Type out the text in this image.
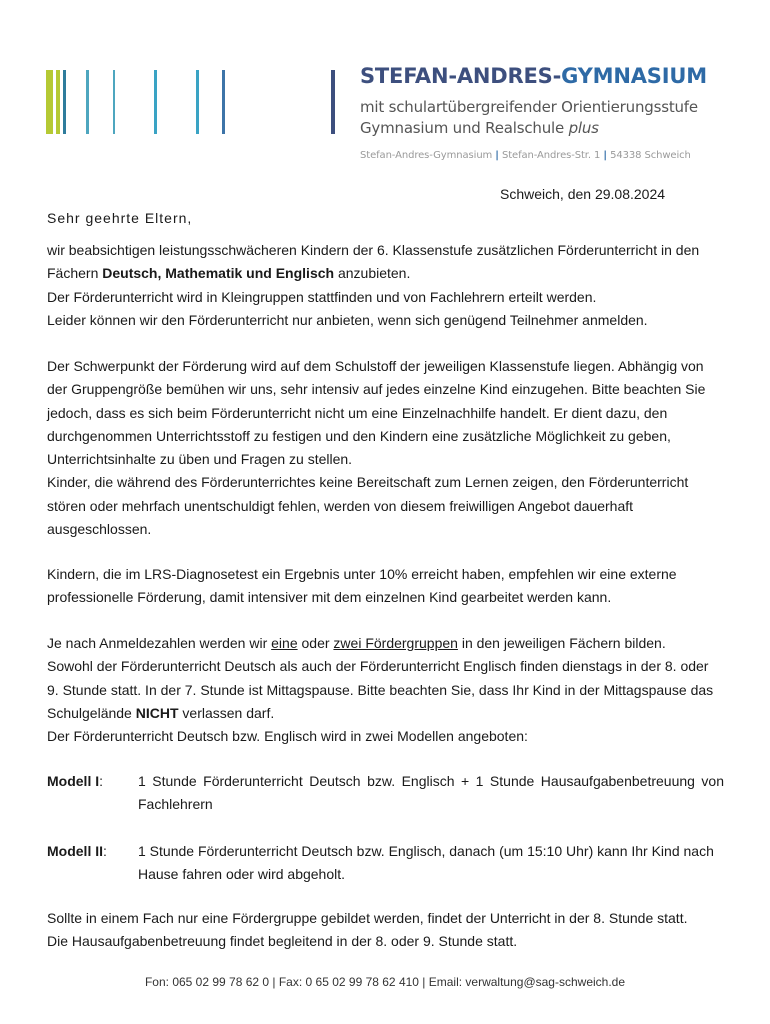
STEFAN-ANDRES-GYMNASIUM
mit schulartübergreifender Orientierungsstufe
Gymnasium und Realschule plus
Stefan-Andres-Gymnasium | Stefan-Andres-Str. 1 | 54338 Schweich
Schweich, den 29.08.2024
Sehr geehrte Eltern,

wir beabsichtigen leistungsschwächeren Kindern der 6. Klassenstufe zusätzlichen Förderunterricht in den

Fächern Deutsch, Mathematik und Englisch anzubieten.

Der Förderunterricht wird in Kleingruppen stattfinden und von Fachlehrern erteilt werden.

Leider können wir den Förderunterricht nur anbieten, wenn sich genügend Teilnehmer anmelden.

Der Schwerpunkt der Förderung wird auf dem Schulstoff der jeweiligen Klassenstufe liegen. Abhängig von der Gruppengröße bemühen wir uns, sehr intensiv auf jedes einzelne Kind einzugehen. Bitte beachten Sie jedoch, dass es sich beim Förderunterricht nicht um eine Einzelnachhilfe handelt. Er dient dazu, den durchgenommen Unterrichtsstoff zu festigen und den Kindern eine zusätzliche Möglichkeit zu geben, Unterrichtsinhalte zu üben und Fragen zu stellen.

Kinder, die während des Förderunterrichtes keine Bereitschaft zum Lernen zeigen, den Förderunterricht stören oder mehrfach unentschuldigt fehlen, werden von diesem freiwilligen Angebot dauerhaft ausgeschlossen.

Kindern, die im LRS-Diagnosetest ein Ergebnis unter 10% erreicht haben, empfehlen wir eine externe professionelle Förderung, damit intensiver mit dem einzelnen Kind gearbeitet werden kann.

Je nach Anmeldezahlen werden wir eine oder zwei Fördergruppen in den jeweiligen Fächern bilden.

Sowohl der Förderunterricht Deutsch als auch der Förderunterricht Englisch finden dienstags in der 8. oder 9. Stunde statt. In der 7. Stunde ist Mittagspause. Bitte beachten Sie, dass Ihr Kind in der Mittagspause das Schulgelände NICHT verlassen darf.

Der Förderunterricht Deutsch bzw. Englisch wird in zwei Modellen angeboten:

Modell I: 1 Stunde Förderunterricht Deutsch bzw. Englisch + 1 Stunde Hausaufgabenbetreuung von Fachlehrern
Modell II: 1 Stunde Förderunterricht Deutsch bzw. Englisch, danach (um 15:10 Uhr) kann Ihr Kind nach Hause fahren oder wird abgeholt.

Sollte in einem Fach nur eine Fördergruppe gebildet werden, findet der Unterricht in der 8. Stunde statt.

Die Hausaufgabenbetreuung findet begleitend in der 8. oder 9. Stunde statt.

Fon: 065 02 99 78 62 0 | Fax: 0 65 02 99 78 62 410 | Email: verwaltung@sag-schweich.de
